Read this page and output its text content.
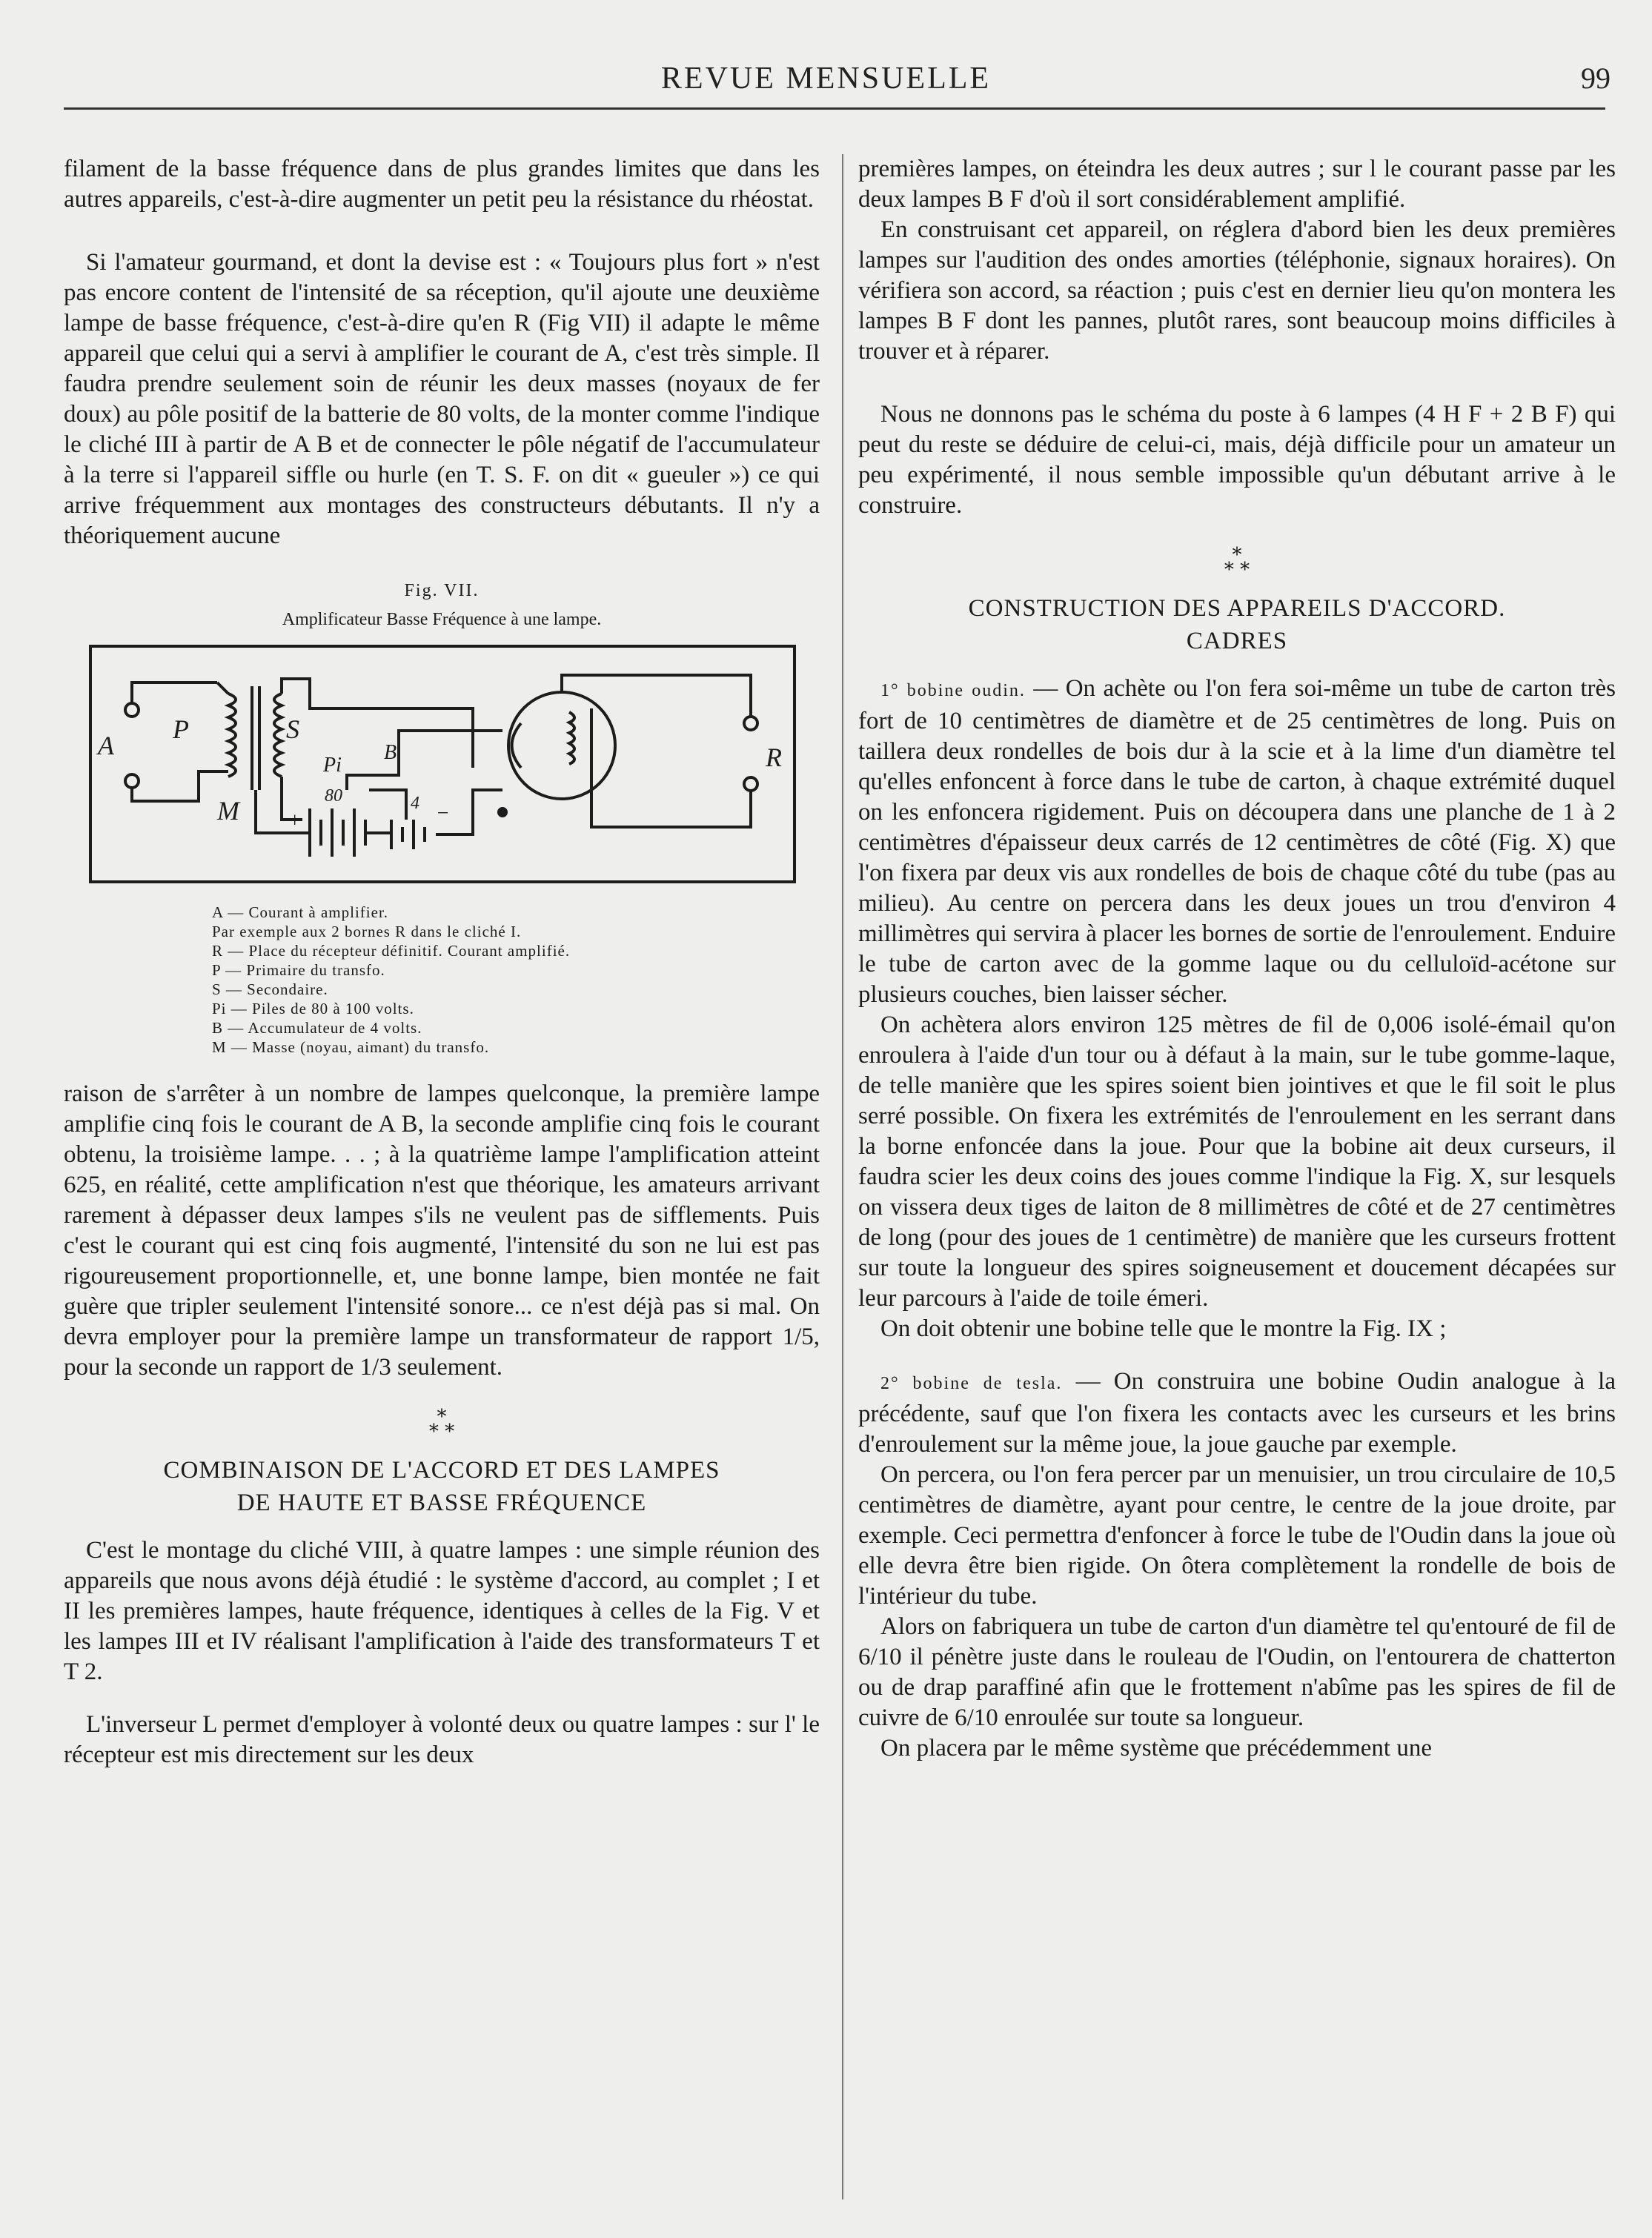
REVUE MENSUELLE	99

filament de la basse fréquence dans de plus grandes limites que dans les autres appareils, c'est-à-dire augmenter un petit peu la résistance du rhéostat.

Si l'amateur gourmand, et dont la devise est : « Toujours plus fort » n'est pas encore content de l'intensité de sa réception, qu'il ajoute une deuxième lampe de basse fréquence, c'est-à-dire qu'en R (Fig VII) il adapte le même appareil que celui qui a servi à amplifier le courant de A, c'est très simple. Il faudra prendre seulement soin de réunir les deux masses (noyaux de fer doux) au pôle positif de la batterie de 80 volts, de la monter comme l'indique le cliché III à partir de A B et de connecter le pôle négatif de l'accumulateur à la terre si l'appareil siffle ou hurle (en T. S. F. on dit « gueuler ») ce qui arrive fréquemment aux montages des constructeurs débutants. Il n'y a théoriquement aucune

Fig. VII.
Amplificateur Basse Fréquence à une lampe.
A
P	S
M
Pi
B
80	4
+	−
R
A — Courant à amplifier.
Par exemple aux 2 bornes R dans le cliché I.
R — Place du récepteur définitif. Courant amplifié.
P — Primaire du transfo.
S — Secondaire.
Pi — Piles de 80 à 100 volts.
B — Accumulateur de 4 volts.
M — Masse (noyau, aimant) du transfo.

raison de s'arrêter à un nombre de lampes quelconque, la première lampe amplifie cinq fois le courant de A B, la seconde amplifie cinq fois le courant obtenu, la troisième lampe. . . ; à la quatrième lampe l'amplification atteint 625, en réalité, cette amplification n'est que théorique, les amateurs arrivant rarement à dépasser deux lampes s'ils ne veulent pas de sifflements. Puis c'est le courant qui est cinq fois augmenté, l'intensité du son ne lui est pas rigoureusement proportionnelle, et, une bonne lampe, bien montée ne fait guère que tripler seulement l'intensité sonore... ce n'est déjà pas si mal. On devra employer pour la première lampe un transformateur de rapport 1/5, pour la seconde un rapport de 1/3 seulement.

*
* *
COMBINAISON DE L'ACCORD ET DES LAMPES
DE HAUTE ET BASSE FRÉQUENCE

C'est le montage du cliché VIII, à quatre lampes : une simple réunion des appareils que nous avons déjà étudié : le système d'accord, au complet ; I et II les premières lampes, haute fréquence, identiques à celles de la Fig. V et les lampes III et IV réalisant l'amplification à l'aide des transformateurs T et T 2.

L'inverseur L permet d'employer à volonté deux ou quatre lampes : sur l' le récepteur est mis directement sur les deux

premières lampes, on éteindra les deux autres ; sur l le courant passe par les deux lampes B F d'où il sort considérablement amplifié.

En construisant cet appareil, on réglera d'abord bien les deux premières lampes sur l'audition des ondes amorties (téléphonie, signaux horaires). On vérifiera son accord, sa réaction ; puis c'est en dernier lieu qu'on montera les lampes B F dont les pannes, plutôt rares, sont beaucoup moins difficiles à trouver et à réparer.

Nous ne donnons pas le schéma du poste à 6 lampes (4 H F + 2 B F) qui peut du reste se déduire de celui-ci, mais, déjà difficile pour un amateur un peu expérimenté, il nous semble impossible qu'un débutant arrive à le construire.

*
* *
CONSTRUCTION DES APPAREILS D'ACCORD.
CADRES

1° bobine oudin. — On achète ou l'on fera soi-même un tube de carton très fort de 10 centimètres de diamètre et de 25 centimètres de long. Puis on taillera deux rondelles de bois dur à la scie et à la lime d'un diamètre tel qu'elles enfoncent à force dans le tube de carton, à chaque extrémité duquel on les enfoncera rigidement. Puis on découpera dans une planche de 1 à 2 centimètres d'épaisseur deux carrés de 12 centimètres de côté (Fig. X) que l'on fixera par deux vis aux rondelles de bois de chaque côté du tube (pas au milieu). Au centre on percera dans les deux joues un trou d'environ 4 millimètres qui servira à placer les bornes de sortie de l'enroulement. Enduire le tube de carton avec de la gomme laque ou du celluloïd-acétone sur plusieurs couches, bien laisser sécher.

On achètera alors environ 125 mètres de fil de 0,006 isolé-émail qu'on enroulera à l'aide d'un tour ou à défaut à la main, sur le tube gomme-laque, de telle manière que les spires soient bien jointives et que le fil soit le plus serré possible. On fixera les extrémités de l'enroulement en les serrant dans la borne enfoncée dans la joue. Pour que la bobine ait deux curseurs, il faudra scier les deux coins des joues comme l'indique la Fig. X, sur lesquels on vissera deux tiges de laiton de 8 millimètres de côté et de 27 centimètres de long (pour des joues de 1 centimètre) de manière que les curseurs frottent sur toute la longueur des spires soigneusement et doucement décapées sur leur parcours à l'aide de toile émeri.

On doit obtenir une bobine telle que le montre la Fig. IX ;

2° bobine de tesla. — On construira une bobine Oudin analogue à la précédente, sauf que l'on fixera les contacts avec les curseurs et les brins d'enroulement sur la même joue, la joue gauche par exemple.

On percera, ou l'on fera percer par un menuisier, un trou circulaire de 10,5 centimètres de diamètre, ayant pour centre, le centre de la joue droite, par exemple. Ceci permettra d'enfoncer à force le tube de l'Oudin dans la joue où elle devra être bien rigide. On ôtera complètement la rondelle de bois de l'intérieur du tube.

Alors on fabriquera un tube de carton d'un diamètre tel qu'entouré de fil de 6/10 il pénètre juste dans le rouleau de l'Oudin, on l'entourera de chatterton ou de drap paraffiné afin que le frottement n'abîme pas les spires de fil de cuivre de 6/10 enroulée sur toute sa longueur.

On placera par le même système que précédemment une
